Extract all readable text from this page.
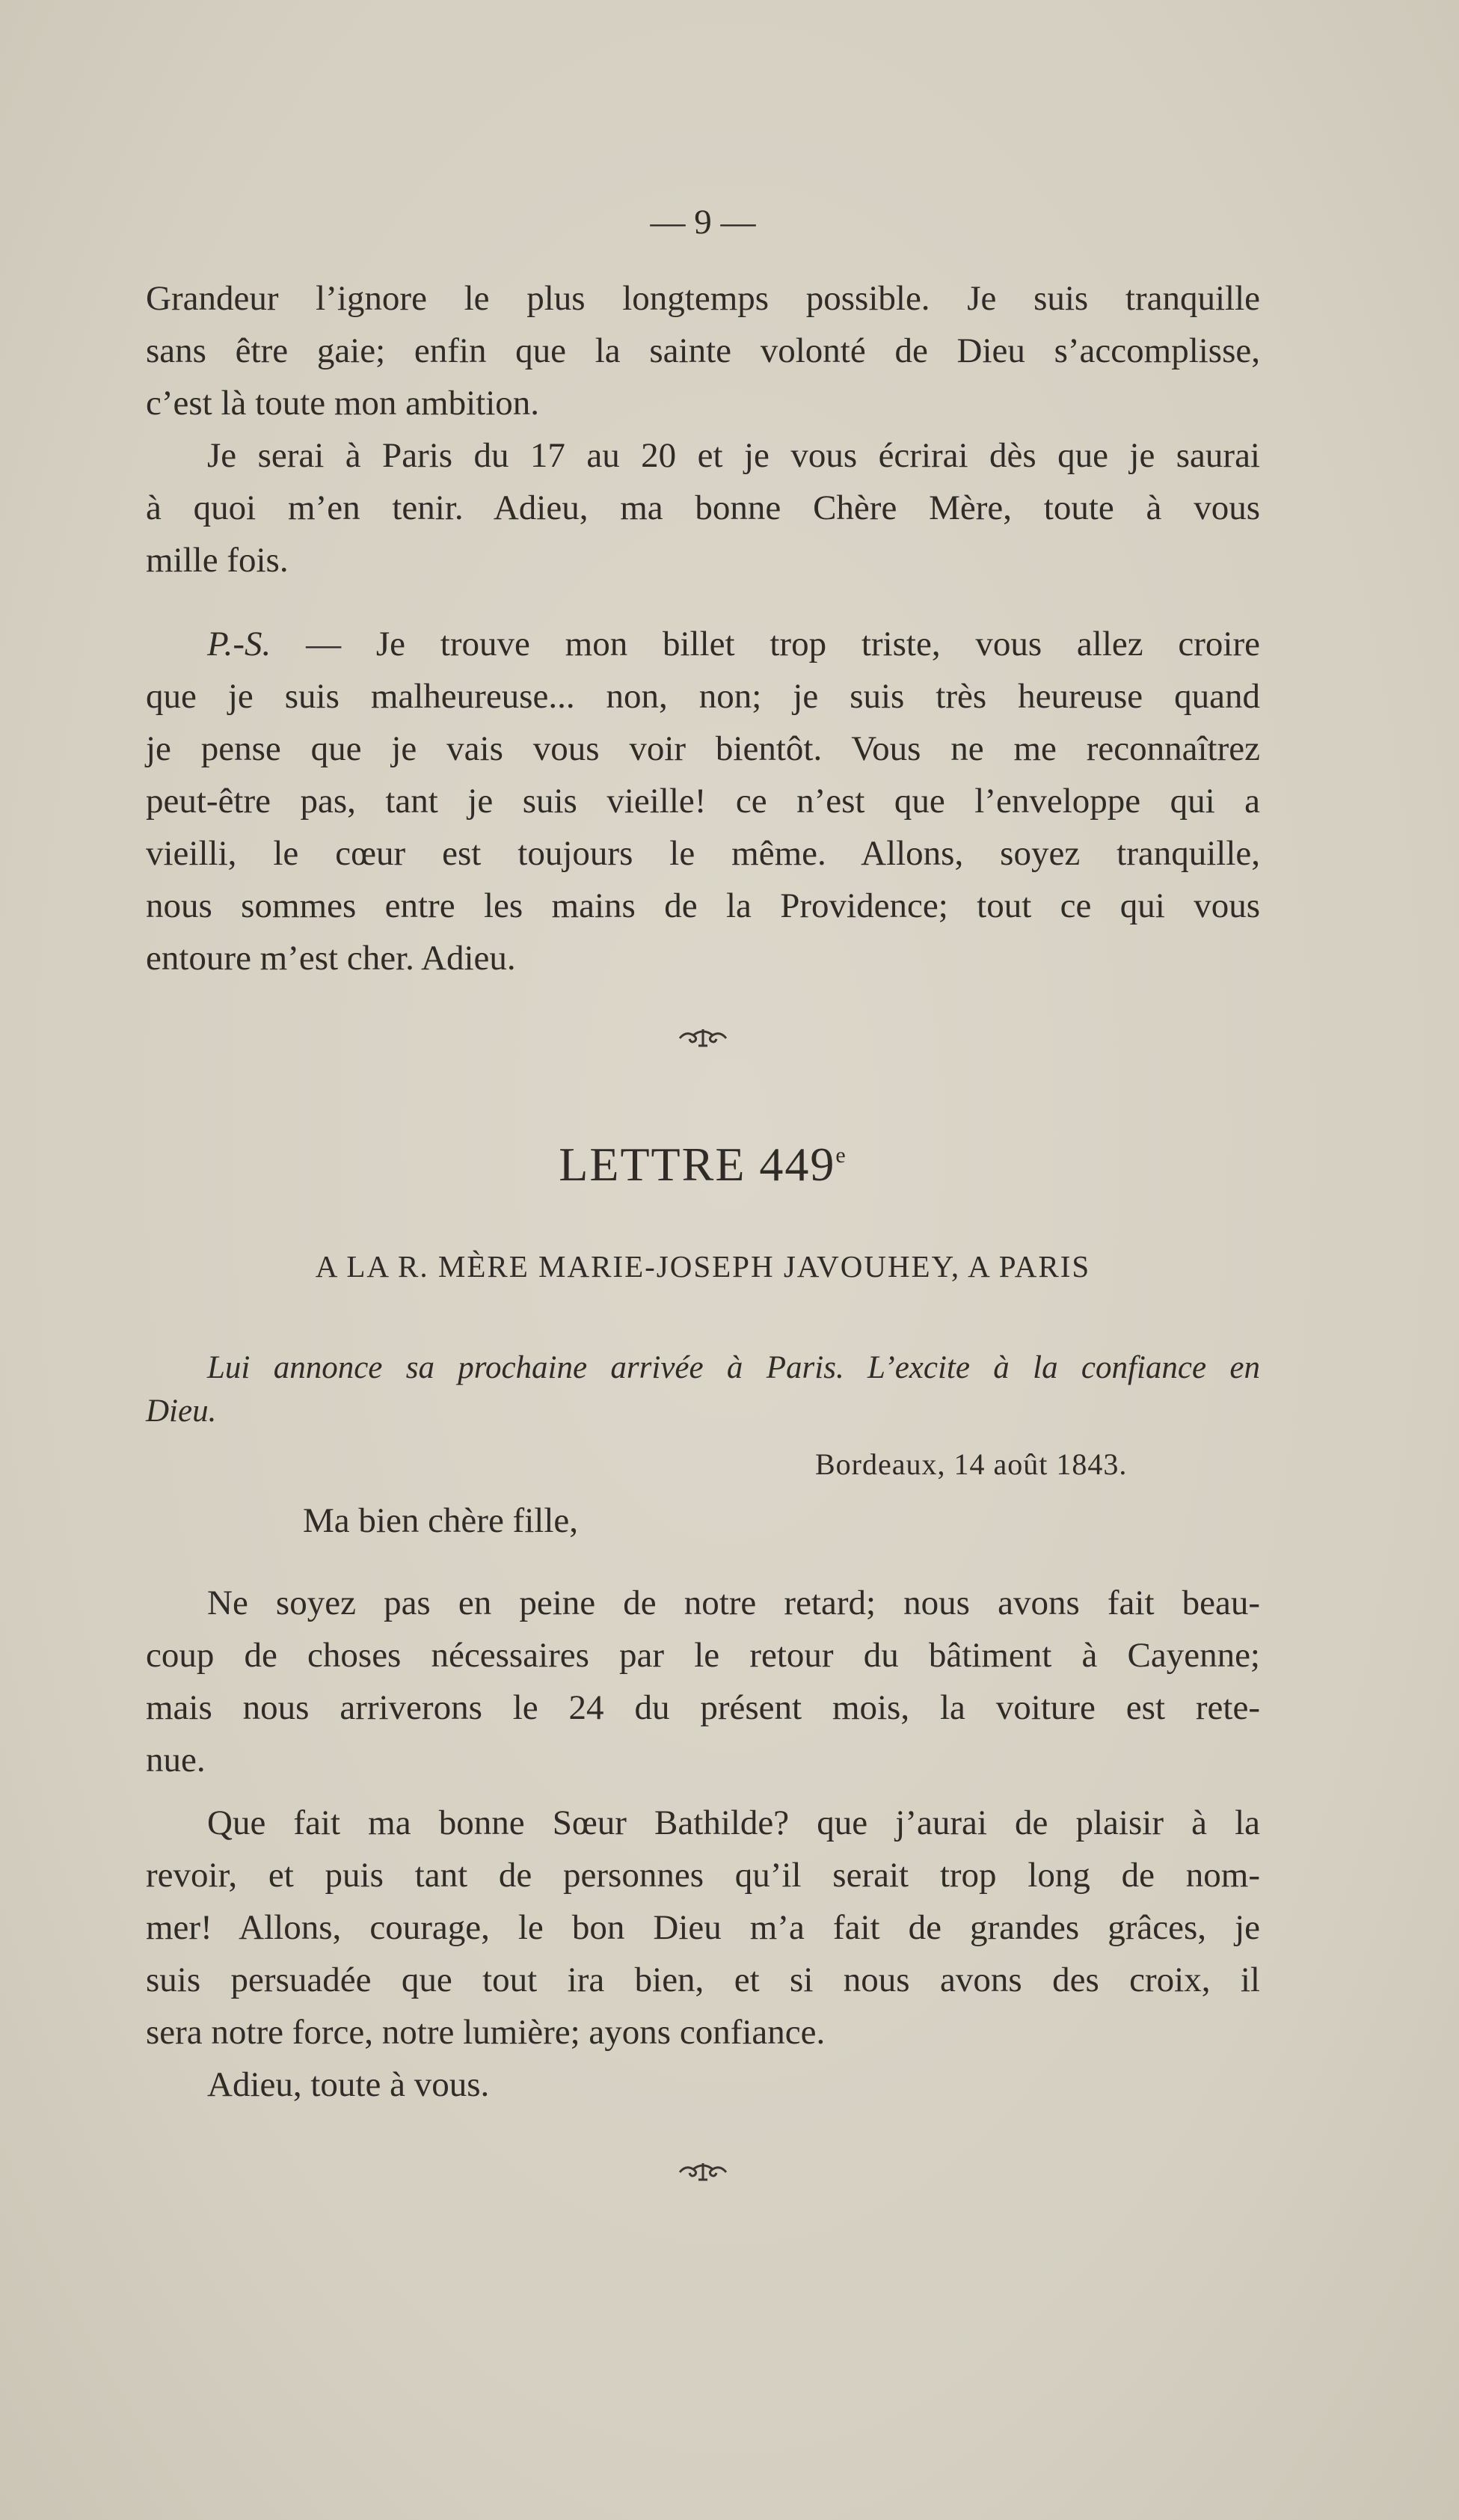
— 9 —
Grandeur l’ignore le plus longtemps possible. Je suis tranquille
sans être gaie; enfin que la sainte volonté de Dieu s’accomplisse,
c’est là toute mon ambition.
Je serai à Paris du 17 au 20 et je vous écrirai dès que je saurai
à quoi m’en tenir. Adieu, ma bonne Chère Mère, toute à vous
mille fois.
P.-S. — Je trouve mon billet trop triste, vous allez croire
que je suis malheureuse... non, non; je suis très heureuse quand
je pense que je vais vous voir bientôt. Vous ne me reconnaîtrez
peut-être pas, tant je suis vieille! ce n’est que l’enveloppe qui a
vieilli, le cœur est toujours le même. Allons, soyez tranquille,
nous sommes entre les mains de la Providence; tout ce qui vous
entoure m’est cher. Adieu.
LETTRE 449e
A LA R. MÈRE MARIE-JOSEPH JAVOUHEY, A PARIS
Lui annonce sa prochaine arrivée à Paris. L’excite à la confiance en
Dieu.
Bordeaux, 14 août 1843.
Ma bien chère fille,
Ne soyez pas en peine de notre retard; nous avons fait beau-
coup de choses nécessaires par le retour du bâtiment à Cayenne;
mais nous arriverons le 24 du présent mois, la voiture est rete-
nue.
Que fait ma bonne Sœur Bathilde? que j’aurai de plaisir à la
revoir, et puis tant de personnes qu’il serait trop long de nom-
mer! Allons, courage, le bon Dieu m’a fait de grandes grâces, je
suis persuadée que tout ira bien, et si nous avons des croix, il
sera notre force, notre lumière; ayons confiance.
Adieu, toute à vous.
